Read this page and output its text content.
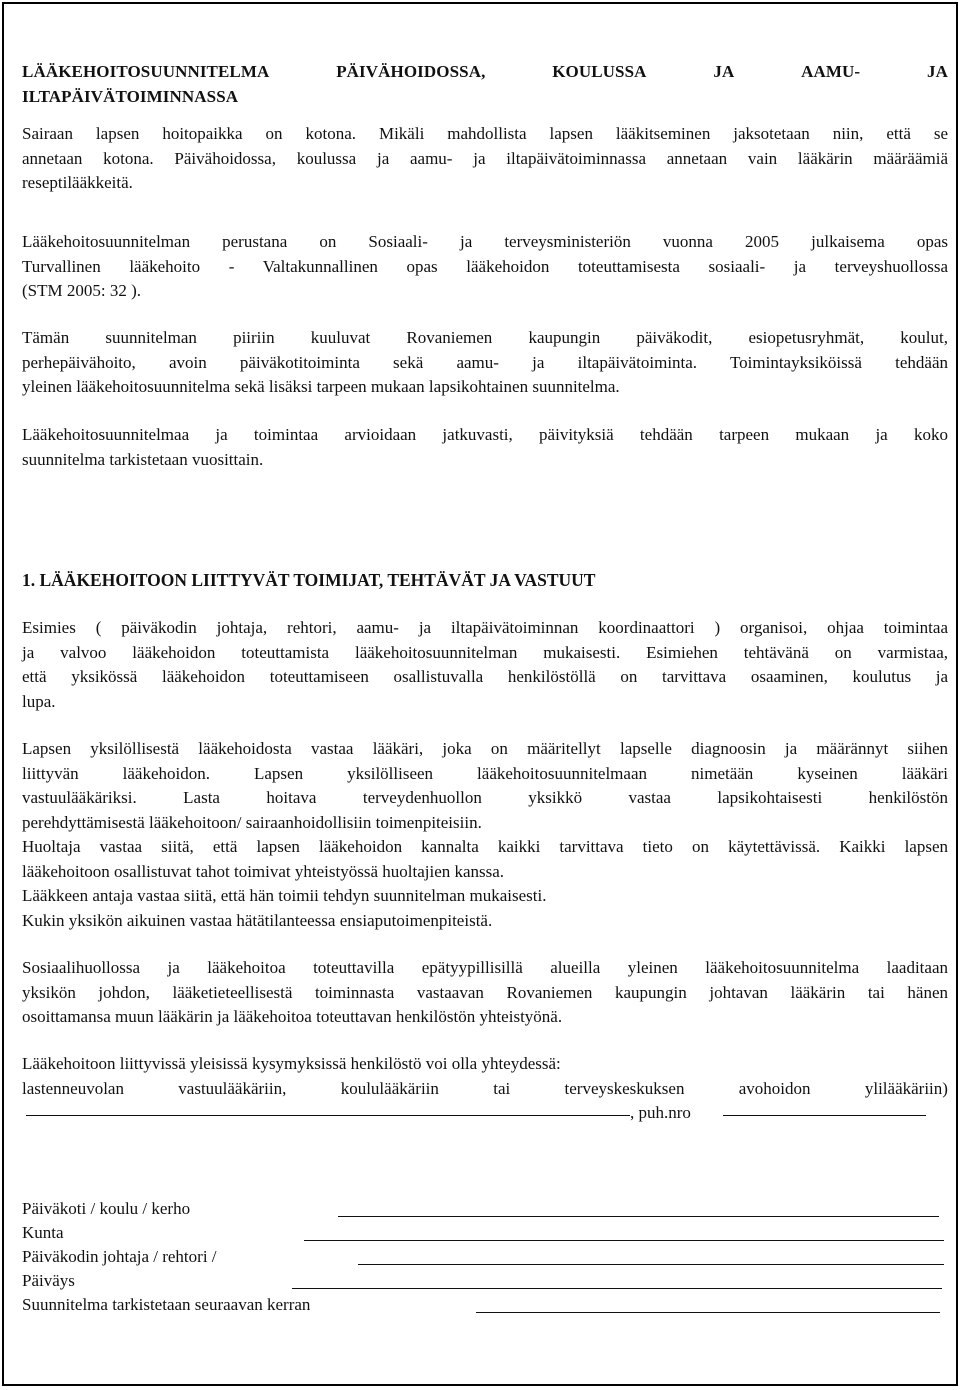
LÄÄKEHOITOSUUNNITELMA	PÄIVÄHOIDOSSA,	KOULUSSA	JA	AAMU-	JA
ILTAPÄIVÄTOIMINNASSA
Sairaan lapsen hoitopaikka on kotona. Mikäli mahdollista lapsen lääkitseminen jaksotetaan niin, että se
annetaan kotona. Päivähoidossa, koulussa ja aamu- ja iltapäivätoiminnassa annetaan vain lääkärin määräämiä
reseptilääkkeitä.
Lääkehoitosuunnitelman perustana on Sosiaali- ja terveysministeriön vuonna 2005 julkaisema opas
Turvallinen lääkehoito - Valtakunnallinen opas lääkehoidon toteuttamisesta sosiaali- ja terveyshuollossa
(STM 2005: 32 ).
Tämän suunnitelman piiriin kuuluvat Rovaniemen kaupungin päiväkodit, esiopetusryhmät, koulut,
perhepäivähoito, avoin päiväkotitoiminta sekä aamu- ja iltapäivätoiminta. Toimintayksiköissä tehdään
yleinen lääkehoitosuunnitelma sekä lisäksi tarpeen mukaan lapsikohtainen suunnitelma.
Lääkehoitosuunnitelmaa ja toimintaa arvioidaan jatkuvasti, päivityksiä tehdään tarpeen mukaan ja koko
suunnitelma tarkistetaan vuosittain.
1. LÄÄKEHOITOON LIITTYVÄT TOIMIJAT, TEHTÄVÄT JA VASTUUT
Esimies ( päiväkodin johtaja, rehtori, aamu- ja iltapäivätoiminnan koordinaattori ) organisoi, ohjaa toimintaa
ja valvoo lääkehoidon toteuttamista lääkehoitosuunnitelman mukaisesti. Esimiehen tehtävänä on varmistaa,
että yksikössä lääkehoidon toteuttamiseen osallistuvalla henkilöstöllä on tarvittava osaaminen, koulutus ja
lupa.
Lapsen yksilöllisestä lääkehoidosta vastaa lääkäri, joka on määritellyt lapselle diagnoosin ja määrännyt siihen
liittyvän lääkehoidon. Lapsen yksilölliseen lääkehoitosuunnitelmaan nimetään kyseinen lääkäri
vastuulääkäriksi. Lasta hoitava terveydenhuollon yksikkö vastaa lapsikohtaisesti henkilöstön
perehdyttämisestä lääkehoitoon/ sairaanhoidollisiin toimenpiteisiin.
Huoltaja vastaa siitä, että lapsen lääkehoidon kannalta kaikki tarvittava tieto on käytettävissä. Kaikki lapsen
lääkehoitoon osallistuvat tahot toimivat yhteistyössä huoltajien kanssa.
Lääkkeen antaja vastaa siitä, että hän toimii tehdyn suunnitelman mukaisesti.
Kukin yksikön aikuinen vastaa hätätilanteessa ensiaputoimenpiteistä.
Sosiaalihuollossa ja lääkehoitoa toteuttavilla epätyypillisillä alueilla yleinen lääkehoitosuunnitelma laaditaan
yksikön johdon, lääketieteellisestä toiminnasta vastaavan Rovaniemen kaupungin johtavan lääkärin tai hänen
osoittamansa muun lääkärin ja lääkehoitoa toteuttavan henkilöstön yhteistyönä.
Lääkehoitoon liittyvissä yleisissä kysymyksissä henkilöstö voi olla yhteydessä:
lastenneuvolan	vastuulääkäriin,	koululääkäriin	tai	terveyskeskuksen	avohoidon	ylilääkäriin)
, puh.nro
Päiväkoti / koulu / kerho
Kunta
Päiväkodin johtaja / rehtori /
Päiväys
Suunnitelma tarkistetaan seuraavan kerran
